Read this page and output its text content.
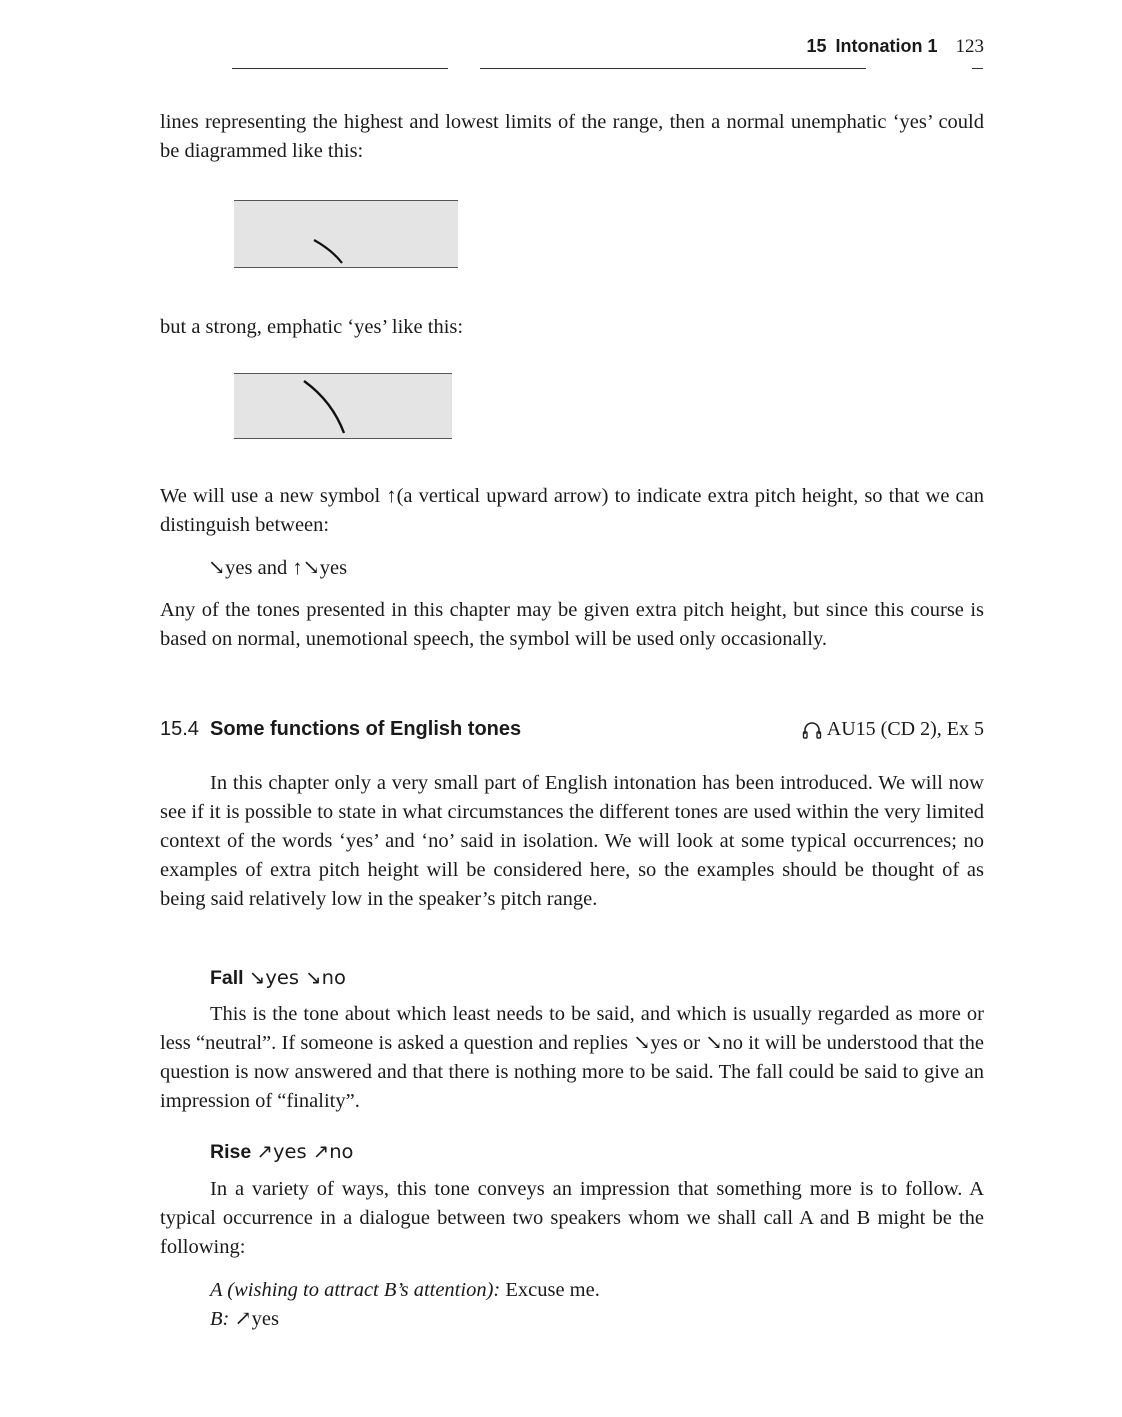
15 Intonation 1 123

lines representing the highest and lowest limits of the range, then a normal unemphatic ‘yes’ could be diagrammed like this:

but a strong, emphatic ‘yes’ like this:

We will use a new symbol ↑(a vertical upward arrow) to indicate extra pitch height, so that we can distinguish between:

↘yes and ↑↘yes

Any of the tones presented in this chapter may be given extra pitch height, but since this course is based on normal, unemotional speech, the symbol will be used only occasionally.

15.4 Some functions of English tones	AU15 (CD 2), Ex 5

In this chapter only a very small part of English intonation has been introduced. We will now see if it is possible to state in what circumstances the different tones are used within the very limited context of the words ‘yes’ and ‘no’ said in isolation. We will look at some typical occurrences; no examples of extra pitch height will be considered here, so the examples should be thought of as being said relatively low in the speaker’s pitch range.

Fall ↘yes ↘no

This is the tone about which least needs to be said, and which is usually regarded as more or less “neutral”. If someone is asked a question and replies ↘yes or ↘no it will be understood that the question is now answered and that there is nothing more to be said. The fall could be said to give an impression of “finality”.

Rise ↗yes ↗no

In a variety of ways, this tone conveys an impression that something more is to follow. A typical occurrence in a dialogue between two speakers whom we shall call A and B might be the following:

A (wishing to attract B’s attention): Excuse me.
B: ↗yes
